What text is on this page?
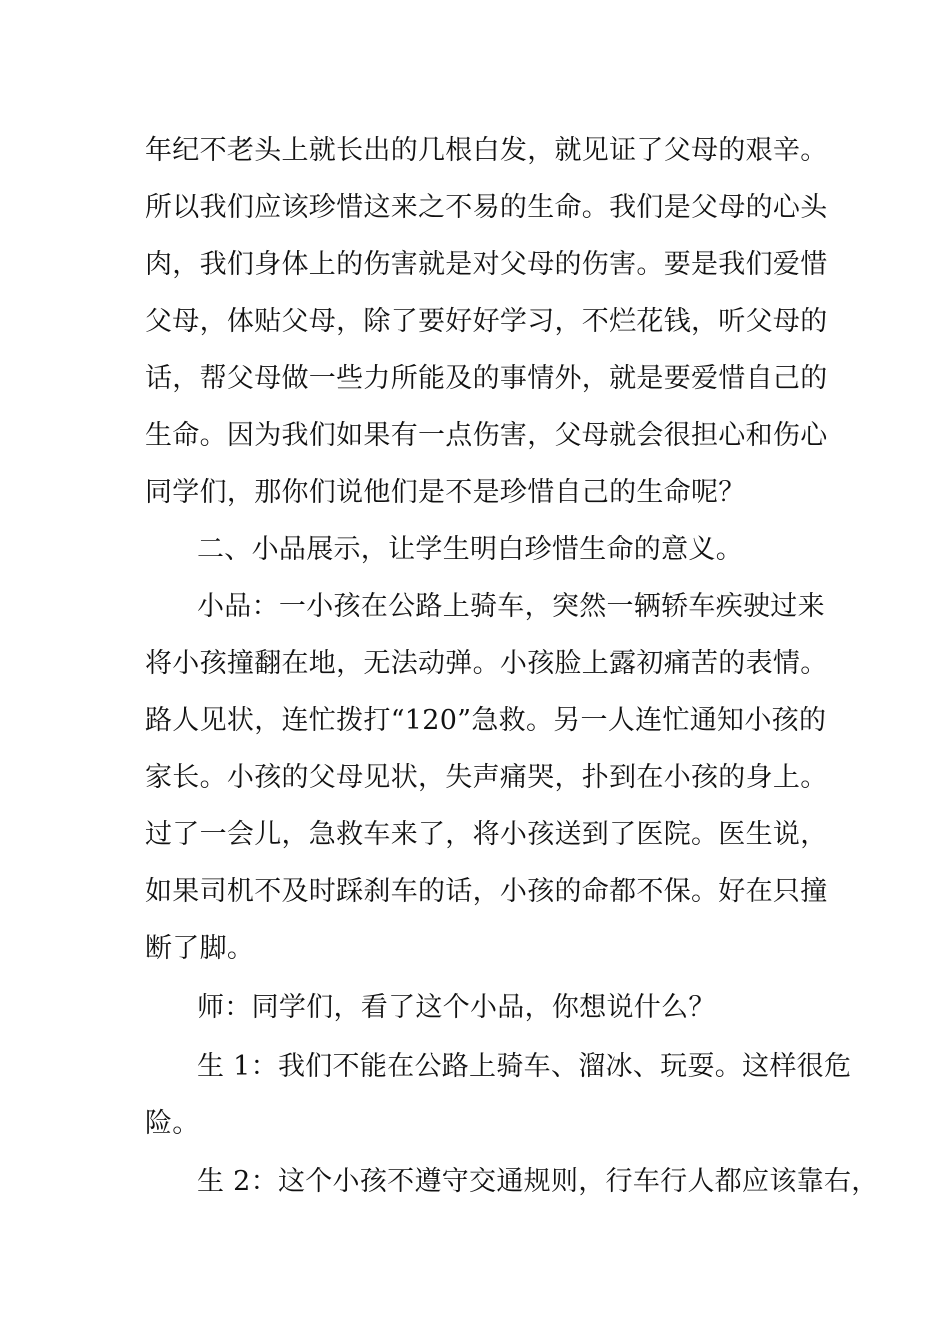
年纪不老头上就长出的几根白发，就见证了父母的艰辛。
所以我们应该珍惜这来之不易的生命。我们是父母的心头
肉，我们身体上的伤害就是对父母的伤害。要是我们爱惜
父母，体贴父母，除了要好好学习，不烂花钱，听父母的
话，帮父母做一些力所能及的事情外，就是要爱惜自己的
生命。因为我们如果有一点伤害，父母就会很担心和伤心
同学们，那你们说他们是不是珍惜自己的生命呢？
二、小品展示，让学生明白珍惜生命的意义。
小品：一小孩在公路上骑车，突然一辆轿车疾驶过来
将小孩撞翻在地，无法动弹。小孩脸上露初痛苦的表情。
路人见状，连忙拨打“120”急救。另一人连忙通知小孩的
家长。小孩的父母见状，失声痛哭，扑到在小孩的身上。
过了一会儿，急救车来了，将小孩送到了医院。医生说，
如果司机不及时踩刹车的话，小孩的命都不保。好在只撞
断了脚。
师：同学们，看了这个小品，你想说什么？
生 1：我们不能在公路上骑车、溜冰、玩耍。这样很危
险。
生 2：这个小孩不遵守交通规则，行车行人都应该靠右，
